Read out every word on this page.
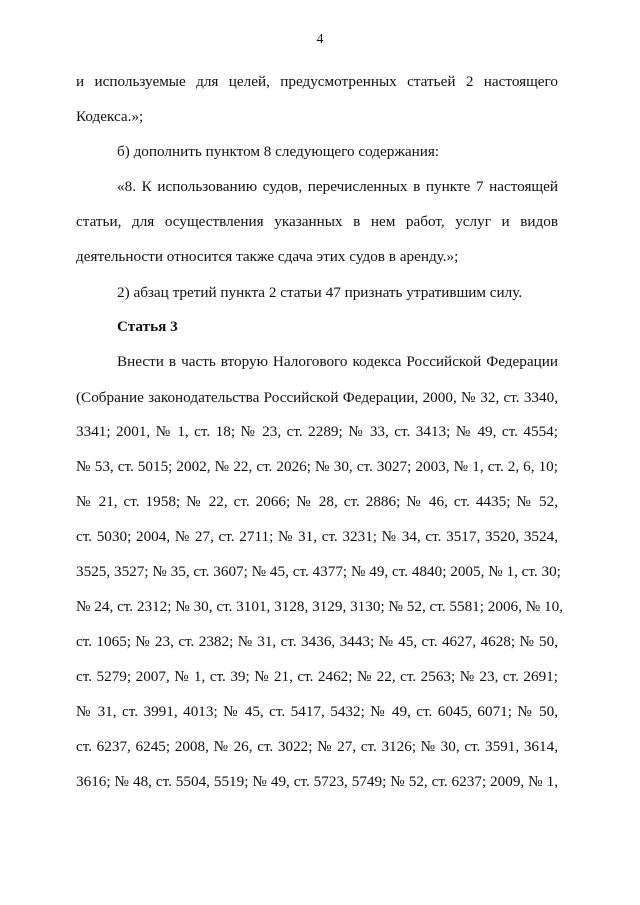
4
и используемые для целей, предусмотренных статьей 2 настоящего
Кодекса.»;
б) дополнить пунктом 8 следующего содержания:
«8. К использованию судов, перечисленных в пункте 7 настоящей
статьи, для осуществления указанных в нем работ, услуг и видов
деятельности относится также сдача этих судов в аренду.»;
2) абзац третий пункта 2 статьи 47 признать утратившим силу.
Статья 3
Внести в часть вторую Налогового кодекса Российской Федерации
(Собрание законодательства Российской Федерации, 2000, № 32, ст. 3340,
3341; 2001, № 1, ст. 18; № 23, ст. 2289; № 33, ст. 3413; № 49, ст. 4554;
№ 53, ст. 5015; 2002, № 22, ст. 2026; № 30, ст. 3027; 2003, № 1, ст. 2, 6, 10;
№ 21, ст. 1958; № 22, ст. 2066; № 28, ст. 2886; № 46, ст. 4435; № 52,
ст. 5030; 2004, № 27, ст. 2711; № 31, ст. 3231; № 34, ст. 3517, 3520, 3524,
3525, 3527; № 35, ст. 3607; № 45, ст. 4377; № 49, ст. 4840; 2005, № 1, ст. 30;
№ 24, ст. 2312; № 30, ст. 3101, 3128, 3129, 3130; № 52, ст. 5581; 2006, № 10,
ст. 1065; № 23, ст. 2382; № 31, ст. 3436, 3443; № 45, ст. 4627, 4628; № 50,
ст. 5279; 2007, № 1, ст. 39; № 21, ст. 2462; № 22, ст. 2563; № 23, ст. 2691;
№ 31, ст. 3991, 4013; № 45, ст. 5417, 5432; № 49, ст. 6045, 6071; № 50,
ст. 6237, 6245; 2008, № 26, ст. 3022; № 27, ст. 3126; № 30, ст. 3591, 3614,
3616; № 48, ст. 5504, 5519; № 49, ст. 5723, 5749; № 52, ст. 6237; 2009, № 1,
